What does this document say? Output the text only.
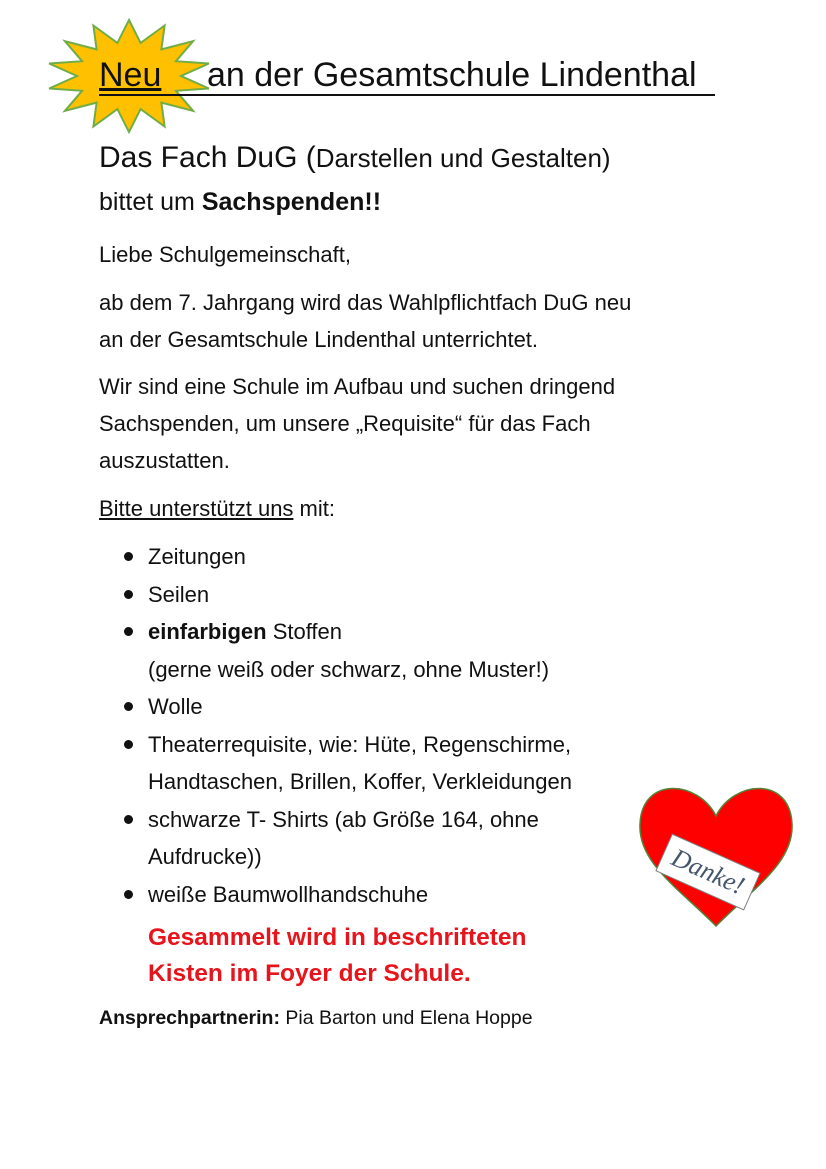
Neu an der Gesamtschule Lindenthal
Das Fach DuG (Darstellen und Gestalten)
bittet um Sachspenden!!
Liebe Schulgemeinschaft,
ab dem 7. Jahrgang wird das Wahlpflichtfach DuG neu
an der Gesamtschule Lindenthal unterrichtet.
Wir sind eine Schule im Aufbau und suchen dringend
Sachspenden, um unsere „Requisite“ für das Fach
auszustatten.
Bitte unterstützt uns mit:
Zeitungen
Seilen
einfarbigen Stoffen
(gerne weiß oder schwarz, ohne Muster!)
Wolle
Theaterrequisite, wie: Hüte, Regenschirme,
Handtaschen, Brillen, Koffer, Verkleidungen
schwarze T- Shirts (ab Größe 164, ohne
Aufdrucke))
weiße Baumwollhandschuhe
Gesammelt wird in beschrifteten
Kisten im Foyer der Schule.
Ansprechpartnerin: Pia Barton und Elena Hoppe
Danke!
